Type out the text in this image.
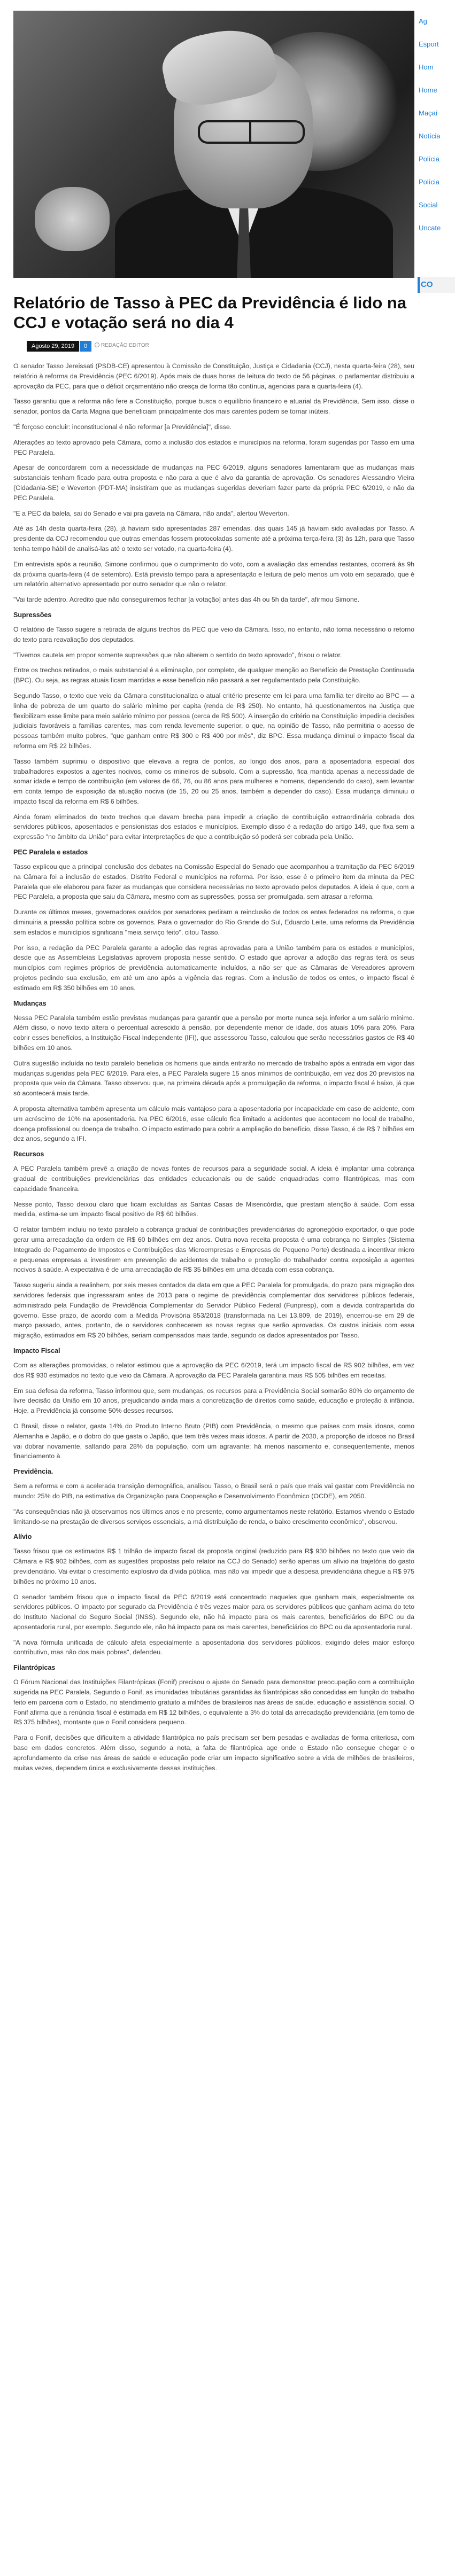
Relatório de Tasso à PEC da Previdência é lido na CCJ e votação será no dia 4
Agosto 29, 2019	0	REDAÇÃO EDITOR

O senador Tasso Jereissati (PSDB-CE) apresentou à Comissão de Constituição, Justiça e Cidadania (CCJ), nesta quarta-feira (28), seu relatório à reforma da Previdência (PEC 6/2019). Após mais de duas horas de leitura do texto de 56 páginas, o parlamentar distribuiu a aprovação da PEC, para que o déficit orçamentário não cresça de forma tão contínua, agencias para a quarta-feira (4).

Tasso garantiu que a reforma não fere a Constituição, porque busca o equilíbrio financeiro e atuarial da Previdência. Sem isso, disse o senador, pontos da Carta Magna que beneficiam principalmente dos mais carentes podem se tornar inúteis.

"É forçoso concluir: inconstitucional é não reformar [a Previdência]", disse.

Alterações ao texto aprovado pela Câmara, como a inclusão dos estados e municípios na reforma, foram sugeridas por Tasso em uma PEC Paralela.

Apesar de concordarem com a necessidade de mudanças na PEC 6/2019, alguns senadores lamentaram que as mudanças mais substanciais tenham ficado para outra proposta e não para a que é alvo da garantia de aprovação. Os senadores Alessandro Vieira (Cidadania-SE) e Weverton (PDT-MA) insistiram que as mudanças sugeridas deveriam fazer parte da própria PEC 6/2019, e não da PEC Paralela.

"E a PEC da balela, sai do Senado e vai pra gaveta na Câmara, não anda", alertou Weverton.

Até as 14h desta quarta-feira (28), já haviam sido apresentadas 287 emendas, das quais 145 já haviam sido avaliadas por Tasso. A presidente da CCJ recomendou que outras emendas fossem protocoladas somente até a próxima terça-feira (3) às 12h, para que Tasso tenha tempo hábil de analisá-las até o texto ser votado, na quarta-feira (4).

Em entrevista após a reunião, Simone confirmou que o cumprimento do voto, com a avaliação das emendas restantes, ocorrerá às 9h da próxima quarta-feira (4 de setembro). Está previsto tempo para a apresentação e leitura de pelo menos um voto em separado, que é um relatório alternativo apresentado por outro senador que não o relator.

"Vai tarde adentro. Acredito que não conseguiremos fechar [a votação] antes das 4h ou 5h da tarde", afirmou Simone.

Supressões

O relatório de Tasso sugere a retirada de alguns trechos da PEC que veio da Câmara. Isso, no entanto, não torna necessário o retorno do texto para reavaliação dos deputados.

"Tivemos cautela em propor somente supressões que não alterem o sentido do texto aprovado", frisou o relator.

Entre os trechos retirados, o mais substancial é a eliminação, por completo, de qualquer menção ao Benefício de Prestação Continuada (BPC). Ou seja, as regras atuais ficam mantidas e esse benefício não passará a ser regulamentado pela Constituição.

Segundo Tasso, o texto que veio da Câmara constitucionaliza o atual critério presente em lei para uma família ter direito ao BPC — a linha de pobreza de um quarto do salário mínimo per capita (renda de R$ 250). No entanto, há questionamentos na Justiça que flexibilizam esse limite para meio salário mínimo por pessoa (cerca de R$ 500). A inserção do critério na Constituição impediria decisões judiciais favoráveis a famílias carentes, mas com renda levemente superior, o que, na opinião de Tasso, não permitiria o acesso de pessoas também muito pobres, "que ganham entre R$ 300 e R$ 400 por mês", diz BPC. Essa mudança diminui o impacto fiscal da reforma em R$ 22 bilhões.

Tasso também suprimiu o dispositivo que elevava a regra de pontos, ao longo dos anos, para a aposentadoria especial dos trabalhadores expostos a agentes nocivos, como os mineiros de subsolo. Com a supressão, fica mantida apenas a necessidade de somar idade e tempo de contribuição (em valores de 66, 76, ou 86 anos para mulheres e homens, dependendo do caso), sem levantar em conta tempo de exposição da atuação nociva (de 15, 20 ou 25 anos, também a depender do caso). Essa mudança diminuiu o impacto fiscal da reforma em R$ 6 bilhões.

Ainda foram eliminados do texto trechos que davam brecha para impedir a criação de contribuição extraordinária cobrada dos servidores públicos, aposentados e pensionistas dos estados e municípios. Exemplo disso é a redação do artigo 149, que fixa sem a expressão "no âmbito da União" para evitar interpretações de que a contribuição só poderá ser cobrada pela União.

PEC Paralela e estados

Tasso explicou que a principal conclusão dos debates na Comissão Especial do Senado que acompanhou a tramitação da PEC 6/2019 na Câmara foi a inclusão de estados, Distrito Federal e municípios na reforma. Por isso, esse é o primeiro item da minuta da PEC Paralela que ele elaborou para fazer as mudanças que considera necessárias no texto aprovado pelos deputados. A ideia é que, com a PEC Paralela, a proposta que saiu da Câmara, mesmo com as supressões, possa ser promulgada, sem atrasar a reforma.

Durante os últimos meses, governadores ouvidos por senadores pediram a reinclusão de todos os entes federados na reforma, o que diminuiria a pressão política sobre os governos. Para o governador do Rio Grande do Sul, Eduardo Leite, uma reforma da Previdência sem estados e municípios significaria "meia serviço feito", citou Tasso.

Por isso, a redação da PEC Paralela garante a adoção das regras aprovadas para a União também para os estados e municípios, desde que as Assembleias Legislativas aprovem proposta nesse sentido. O estado que aprovar a adoção das regras terá os seus municípios com regimes próprios de previdência automaticamente incluídos, a não ser que as Câmaras de Vereadores aprovem projetos pedindo sua exclusão, em até um ano após a vigência das regras. Com a inclusão de todos os entes, o impacto fiscal é estimado em R$ 350 bilhões em 10 anos.

Mudanças

Nessa PEC Paralela também estão previstas mudanças para garantir que a pensão por morte nunca seja inferior a um salário mínimo. Além disso, o novo texto altera o percentual acrescido à pensão, por dependente menor de idade, dos atuais 10% para 20%. Para cobrir esses benefícios, a Instituição Fiscal Independente (IFI), que assessorou Tasso, calculou que serão necessários gastos de R$ 40 bilhões em 10 anos.

Outra sugestão incluída no texto paralelo beneficia os homens que ainda entrarão no mercado de trabalho após a entrada em vigor das mudanças sugeridas pela PEC 6/2019. Para eles, a PEC Paralela sugere 15 anos mínimos de contribuição, em vez dos 20 previstos na proposta que veio da Câmara. Tasso observou que, na primeira década após a promulgação da reforma, o impacto fiscal é baixo, já que só acontecerá mais tarde.

A proposta alternativa também apresenta um cálculo mais vantajoso para a aposentadoria por incapacidade em caso de acidente, com um acréscimo de 10% na aposentadoria. Na PEC 6/2016, esse cálculo fica limitado a acidentes que acontecem no local de trabalho, doença profissional ou doença de trabalho. O impacto estimado para cobrir a ampliação do benefício, disse Tasso, é de R$ 7 bilhões em dez anos, segundo a IFI.

Recursos

A PEC Paralela também prevê a criação de novas fontes de recursos para a seguridade social. A ideia é implantar uma cobrança gradual de contribuições previdenciárias das entidades educacionais ou de saúde enquadradas como filantrópicas, mas com capacidade financeira.

Nesse ponto, Tasso deixou claro que ficam excluídas as Santas Casas de Misericórdia, que prestam atenção à saúde. Com essa medida, estima-se um impacto fiscal positivo de R$ 60 bilhões.

O relator também incluiu no texto paralelo a cobrança gradual de contribuições previdenciárias do agronegócio exportador, o que pode gerar uma arrecadação da ordem de R$ 60 bilhões em dez anos. Outra nova receita proposta é uma cobrança no Simples (Sistema Integrado de Pagamento de Impostos e Contribuições das Microempresas e Empresas de Pequeno Porte) destinada a incentivar micro e pequenas empresas a investirem em prevenção de acidentes de trabalho e proteção do trabalhador contra exposição a agentes nocivos à saúde. A expectativa é de uma arrecadação de R$ 35 bilhões em uma década com essa cobrança.

Tasso sugeriu ainda a realinhem, por seis meses contados da data em que a PEC Paralela for promulgada, do prazo para migração dos servidores federais que ingressaram antes de 2013 para o regime de previdência complementar dos servidores públicos federais, administrado pela Fundação de Previdência Complementar do Servidor Público Federal (Funpresp), com a devida contrapartida do governo. Esse prazo, de acordo com a Medida Provisória 853/2018 (transformada na Lei 13.809, de 2019), encerrou-se em 29 de março passado, antes, portanto, de o servidores conhecerem as novas regras que serão aprovadas. Os custos iniciais com essa migração, estimados em R$ 20 bilhões, seriam compensados mais tarde, segundo os dados apresentados por Tasso.

Impacto Fiscal

Com as alterações promovidas, o relator estimou que a aprovação da PEC 6/2019, terá um impacto fiscal de R$ 902 bilhões, em vez dos R$ 930 estimados no texto que veio da Câmara. A aprovação da PEC Paralela garantiria mais R$ 505 bilhões em receitas.

Em sua defesa da reforma, Tasso informou que, sem mudanças, os recursos para a Previdência Social somarão 80% do orçamento de livre decisão da União em 10 anos, prejudicando ainda mais a concretização de direitos como saúde, educação e proteção à infância. Hoje, a Previdência já consome 50% desses recursos.

O Brasil, disse o relator, gasta 14% do Produto Interno Bruto (PIB) com Previdência, o mesmo que países com mais idosos, como Alemanha e Japão, e o dobro do que gasta o Japão, que tem três vezes mais idosos. A partir de 2030, a proporção de idosos no Brasil vai dobrar novamente, saltando para 28% da população, com um agravante: há menos nascimento e, consequentemente, menos financiamento à

Previdência.

Sem a reforma e com a acelerada transição demográfica, analisou Tasso, o Brasil será o país que mais vai gastar com Previdência no mundo: 25% do PIB, na estimativa da Organização para Cooperação e Desenvolvimento Econômico (OCDE), em 2050.

"As consequências não já observamos nos últimos anos e no presente, como argumentamos neste relatório. Estamos vivendo o Estado limitando-se na prestação de diversos serviços essenciais, a má distribuição de renda, o baixo crescimento econômico", observou.

Alívio

Tasso frisou que os estimados R$ 1 trilhão de impacto fiscal da proposta original (reduzido para R$ 930 bilhões no texto que veio da Câmara e R$ 902 bilhões, com as sugestões propostas pelo relator na CCJ do Senado) serão apenas um alívio na trajetória do gasto previdenciário. Vai evitar o crescimento explosivo da dívida pública, mas não vai impedir que a despesa previdenciária chegue a R$ 975 bilhões no próximo 10 anos.

O senador também frisou que o impacto fiscal da PEC 6/2019 está concentrado naqueles que ganham mais, especialmente os servidores públicos. O impacto por segurado da Previdência é três vezes maior para os servidores públicos que ganham acima do teto do Instituto Nacional do Seguro Social (INSS). Segundo ele, não há impacto para os mais carentes, beneficiários do BPC ou da aposentadoria rural, por exemplo. Segundo ele, não há impacto para os mais carentes, beneficiários do BPC ou da aposentadoria rural.

"A nova fórmula unificada de cálculo afeta especialmente a aposentadoria dos servidores públicos, exigindo deles maior esforço contributivo, mas não dos mais pobres", defendeu.

Filantrópicas

O Fórum Nacional das Instituições Filantrópicas (Fonif) precisou o ajuste do Senado para demonstrar preocupação com a contribuição sugerida na PEC Paralela. Segundo o Fonif, as imunidades tributárias garantidas às filantrópicas são concedidas em função do trabalho feito em parceria com o Estado, no atendimento gratuito a milhões de brasileiros nas áreas de saúde, educação e assistência social. O Fonif afirma que a renúncia fiscal é estimada em R$ 12 bilhões, o equivalente a 3% do total da arrecadação previdenciária (em torno de R$ 375 bilhões), montante que o Fonif considera pequeno.

Para o Fonif, decisões que dificultem a atividade filantrópica no país precisam ser bem pesadas e avaliadas de forma criteriosa, com base em dados concretos. Além disso, segundo a nota, a falta de filantrópica age onde o Estado não consegue chegar e o aprofundamento da crise nas áreas de saúde e educação pode criar um impacto significativo sobre a vida de milhões de brasileiros, muitas vezes, dependem única e exclusivamente dessas instituições.

Ag
Esport
Hom
Home
Maçaí
Notícia
Polícia
Polícia
Social
Uncate
CO
